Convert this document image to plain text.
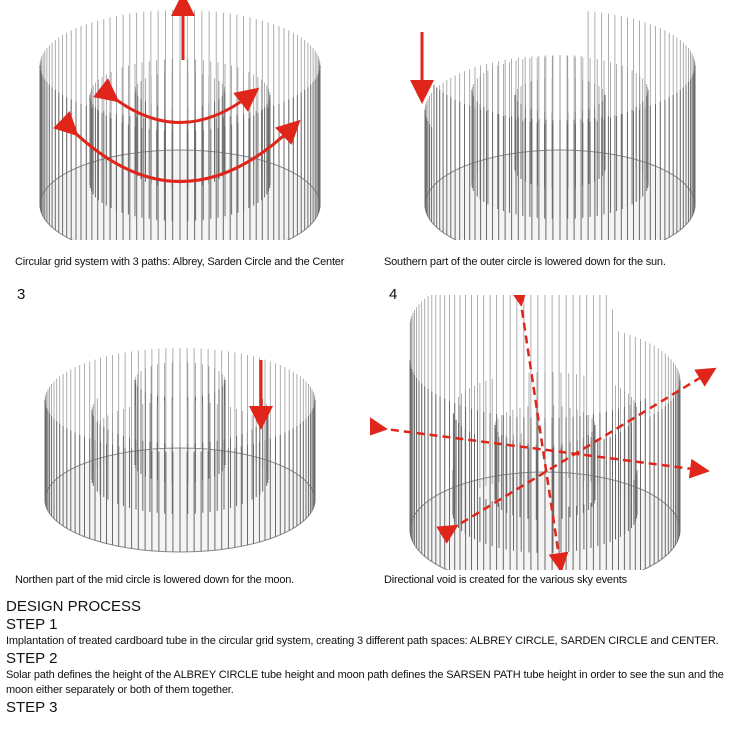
Circular grid system with 3 paths: Albrey, Sarden Circle and the Center	Southern part of the outer circle is lowered down for the sun.
3
Northen part of the mid circle is lowered down for the moon.
4
Directional void is created for the various sky events

DESIGN PROCESS

STEP 1

Implantation of treated cardboard tube in the circular grid system, creating 3 different path spaces: ALBREY CIRCLE, SARDEN CIRCLE and CENTER.

STEP 2

Solar path defines the height of the ALBREY CIRCLE tube height and moon path defines the SARSEN PATH tube height in order to see the sun and the moon either separately or both of them together.

STEP 3
